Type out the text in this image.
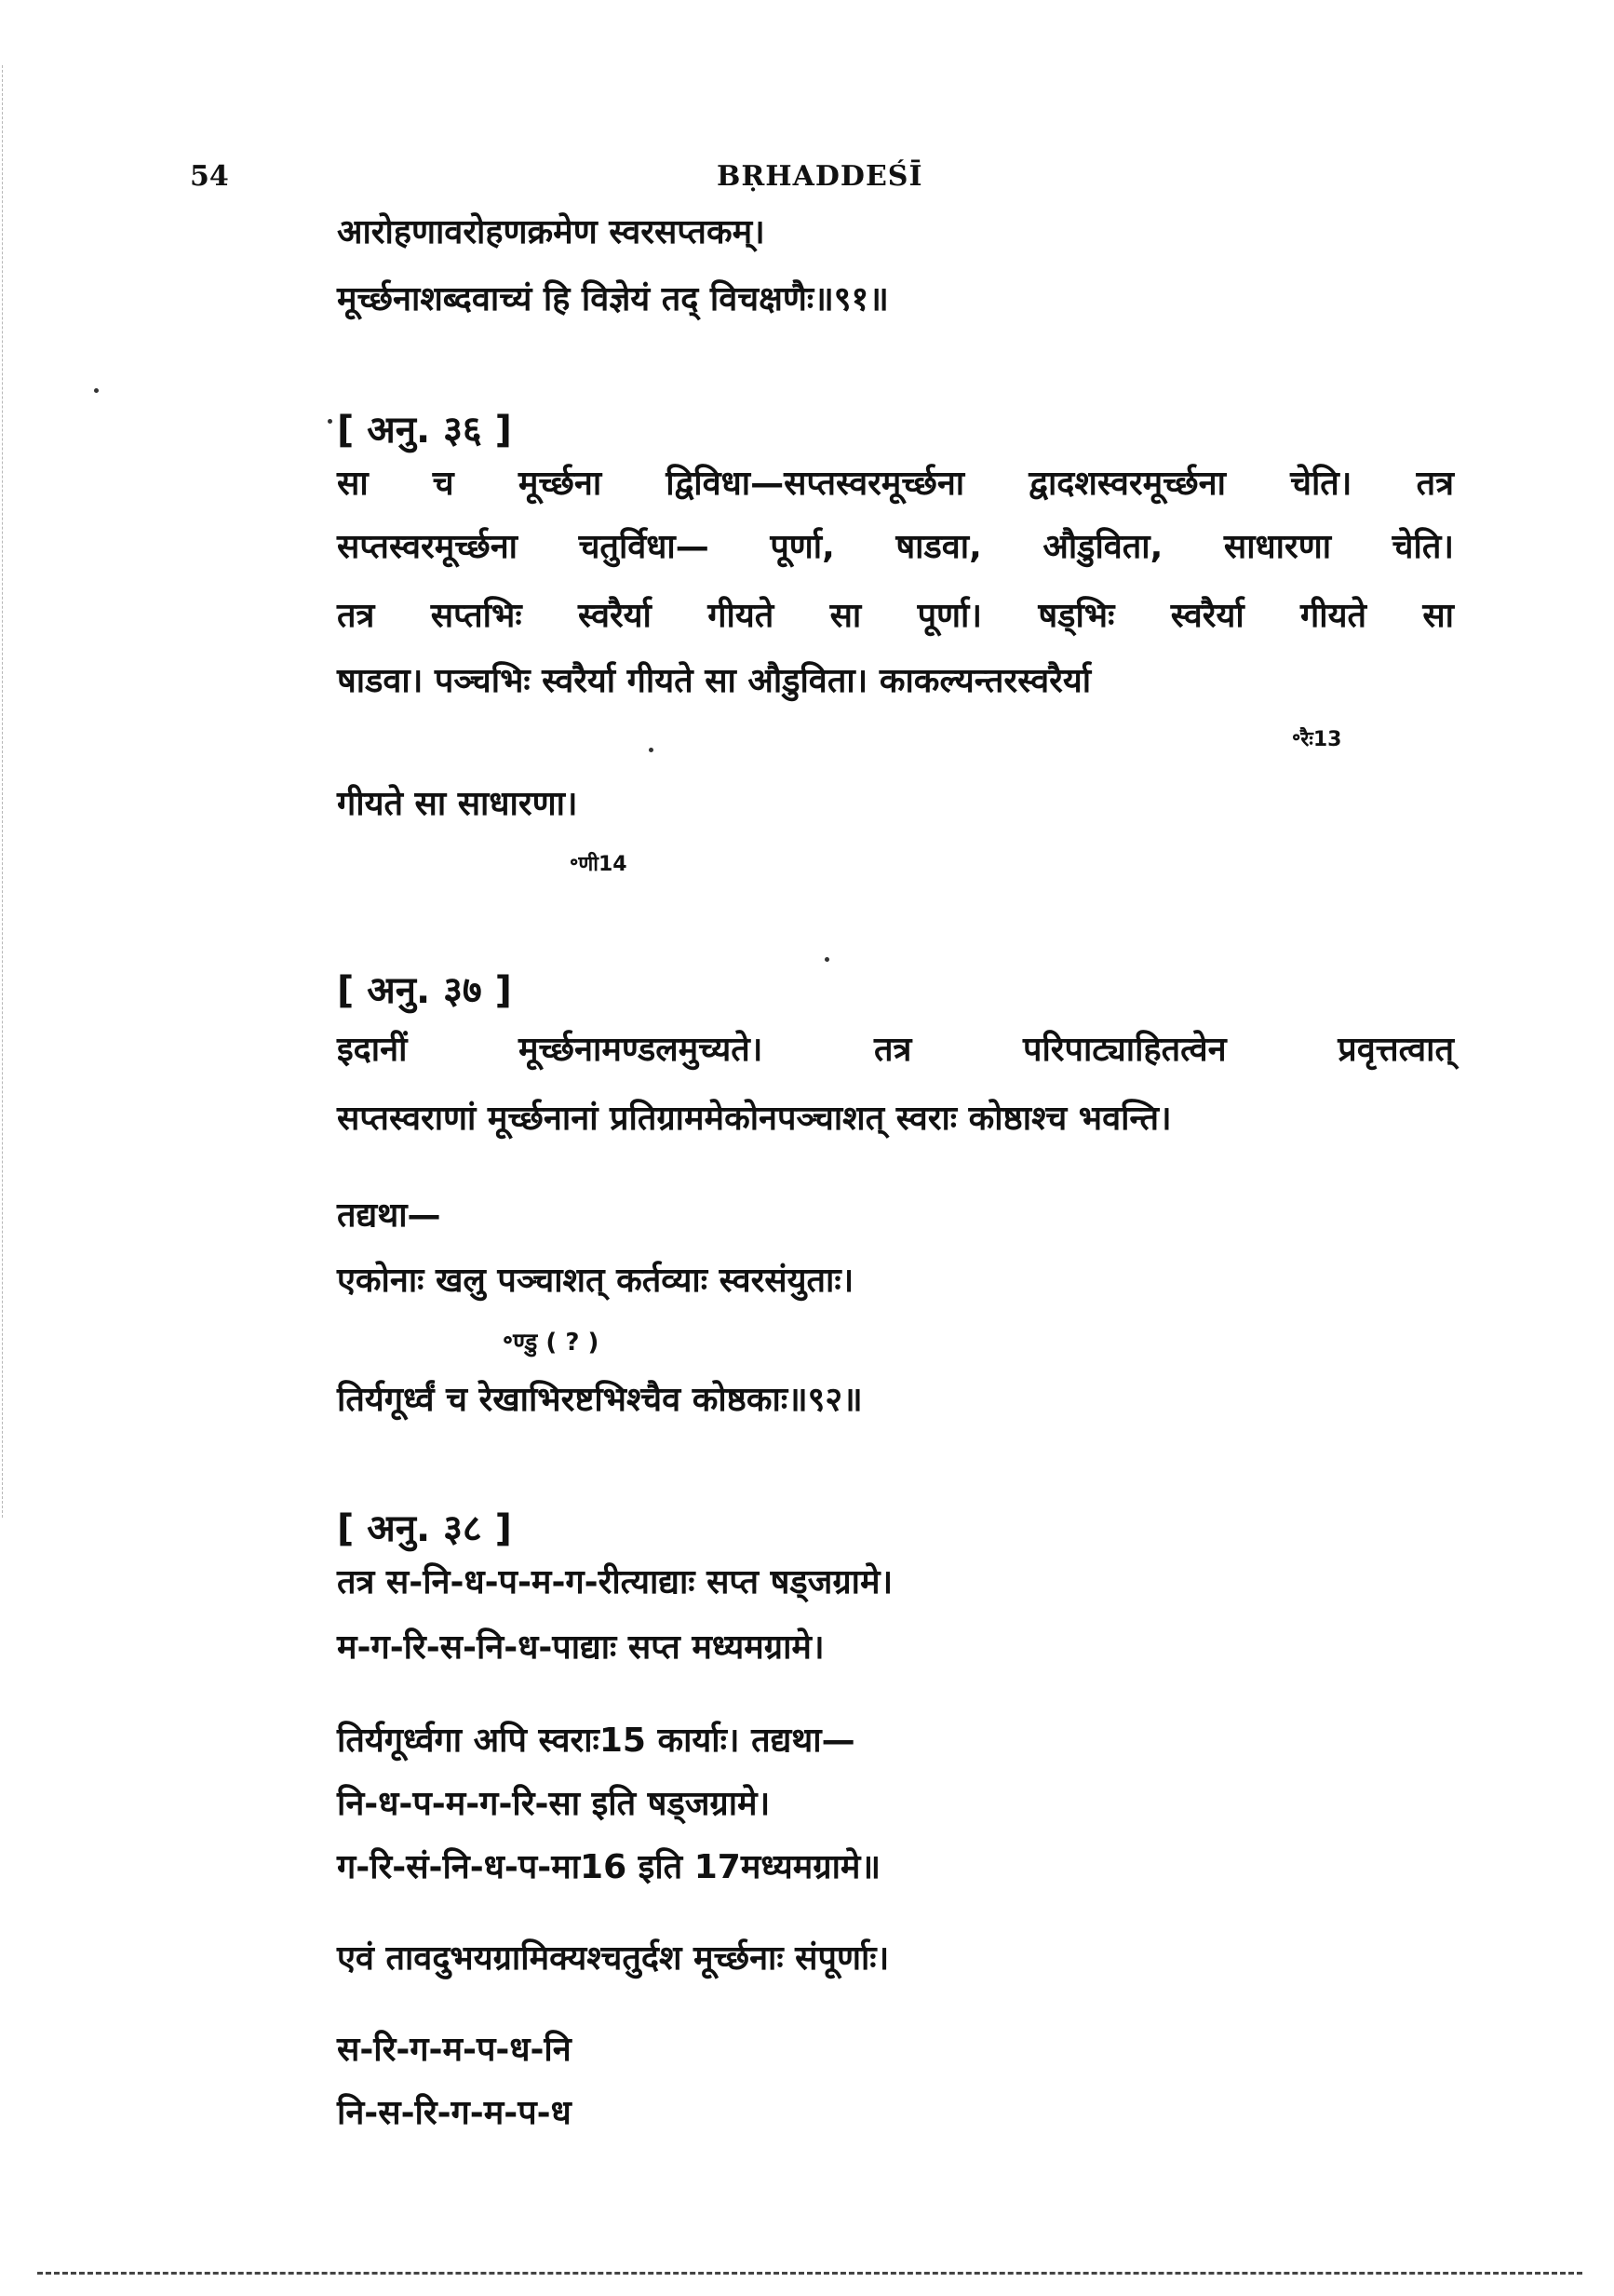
54	BṚHADDEŚĪ
आरोहणावरोहणक्रमेण स्वरसप्तकम्।
मूर्च्छनाशब्दवाच्यं हि विज्ञेयं तद् विचक्षणैः॥९१॥
[ अनु. ३६ ]
सा च मूर्च्छना द्विविधा—सप्तस्वरमूर्च्छना द्वादशस्वरमूर्च्छना चेति। तत्र
सप्तस्वरमूर्च्छना चतुर्विधा— पूर्णा, षाडवा, औडुविता, साधारणा चेति।
तत्र सप्तभिः स्वरैर्या गीयते सा पूर्णा। षड्भिः स्वरैर्या गीयते सा
षाडवा। पञ्चभिः स्वरैर्या गीयते सा औडुविता। काकल्यन्तरस्वरैर्या
॰रैः13
गीयते सा साधारणा।
॰णी14
[ अनु. ३७ ]
इदानीं मूर्च्छनामण्डलमुच्यते। तत्र परिपाट्याहितत्वेन प्रवृत्तत्वात्
सप्तस्वराणां मूर्च्छनानां प्रतिग्राममेकोनपञ्चाशत् स्वराः कोष्ठाश्च भवन्ति।
तद्यथा—
एकोनाः खलु पञ्चाशत् कर्तव्याः स्वरसंयुताः।
॰ण्डु ( ? )
तिर्यगूर्ध्वं च रेखाभिरष्टभिश्चैव कोष्ठकाः॥९२॥
[ अनु. ३८ ]
तत्र स-नि-ध-प-म-ग-रीत्याद्याः सप्त षड्जग्रामे।
म-ग-रि-स-नि-ध-पाद्याः सप्त मध्यमग्रामे।
तिर्यगूर्ध्वगा अपि स्वराः15 कार्याः। तद्यथा—
नि-ध-प-म-ग-रि-सा इति षड्जग्रामे।
ग-रि-सं-नि-ध-प-मा16 इति 17मध्यमग्रामे॥
एवं तावदुभयग्रामिक्यश्चतुर्दश मूर्च्छनाः संपूर्णाः।
स-रि-ग-म-प-ध-नि
नि-स-रि-ग-म-प-ध
